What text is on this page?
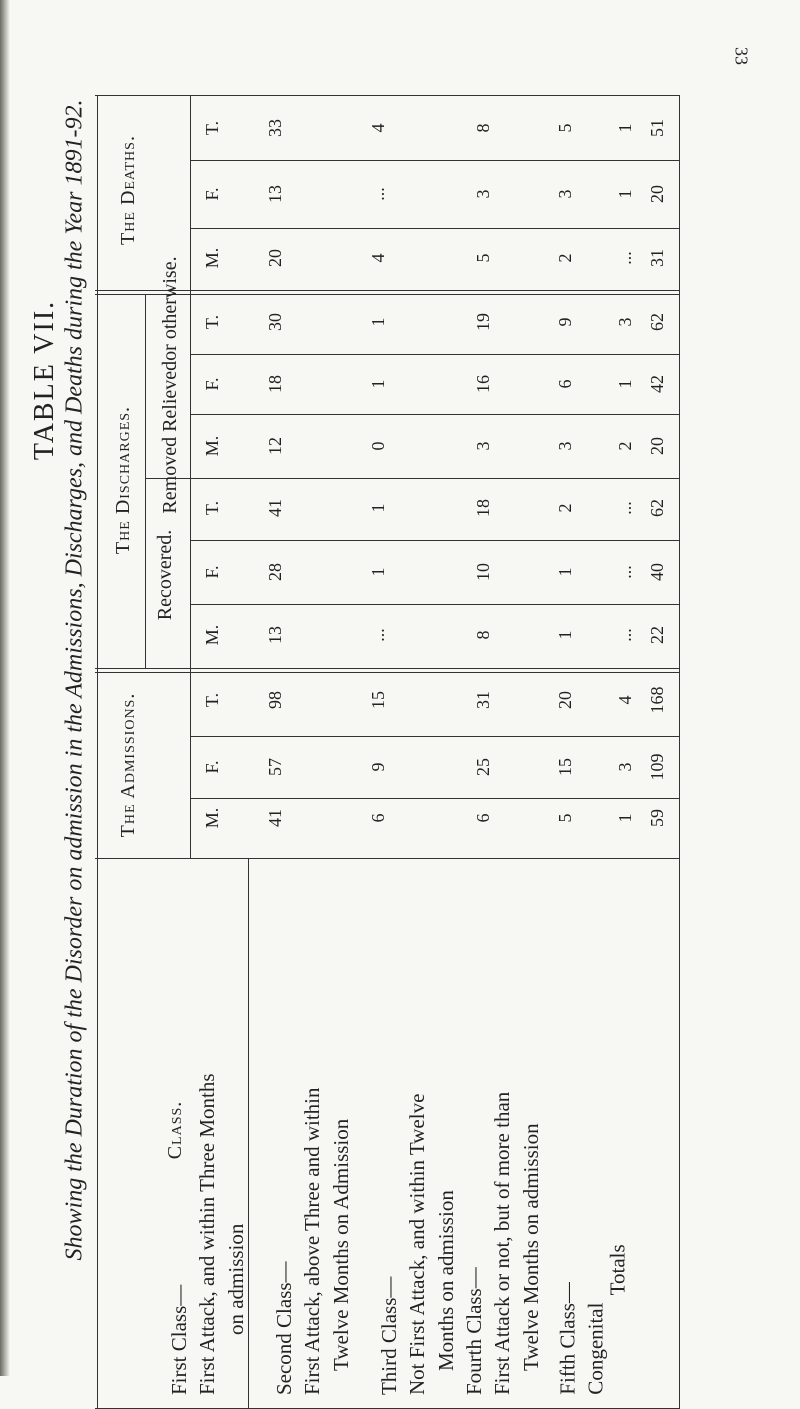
33
TABLE VII. Showing the Duration of the Disorder on admission in the Admissions, Discharges, and Deaths during the Year 1891-92. The Deaths.
The Discharges.
The Admissions.
Class.
Recovered.
Removed Relievedor otherwise.
M.
F.
T.
M.
F.
T.
M.
F.
T.
M.
F.
T.
41
57
98
13
28
41
12
18
30
20
13
33
6
9
15
...
1
1
0
1
1
4
...
4
6
25
31
8
10
18
3
16
19
5
3
8
5
15
20
1
1
2
3
6
9
2
3
5
1
3
4
...
...
...
2
1
3
...
1
1
59
109
168
22
40
62
20
42
62
31
20
51
First Class— First Attack, and within Three Months on admission Second Class— First Attack, above Three and within Twelve Months on Admission Third Class— Not First Attack, and within Twelve Months on admission Fourth Class— First Attack or not, but of more than Twelve Months on admission Fifth Class— Congenital
Totals
